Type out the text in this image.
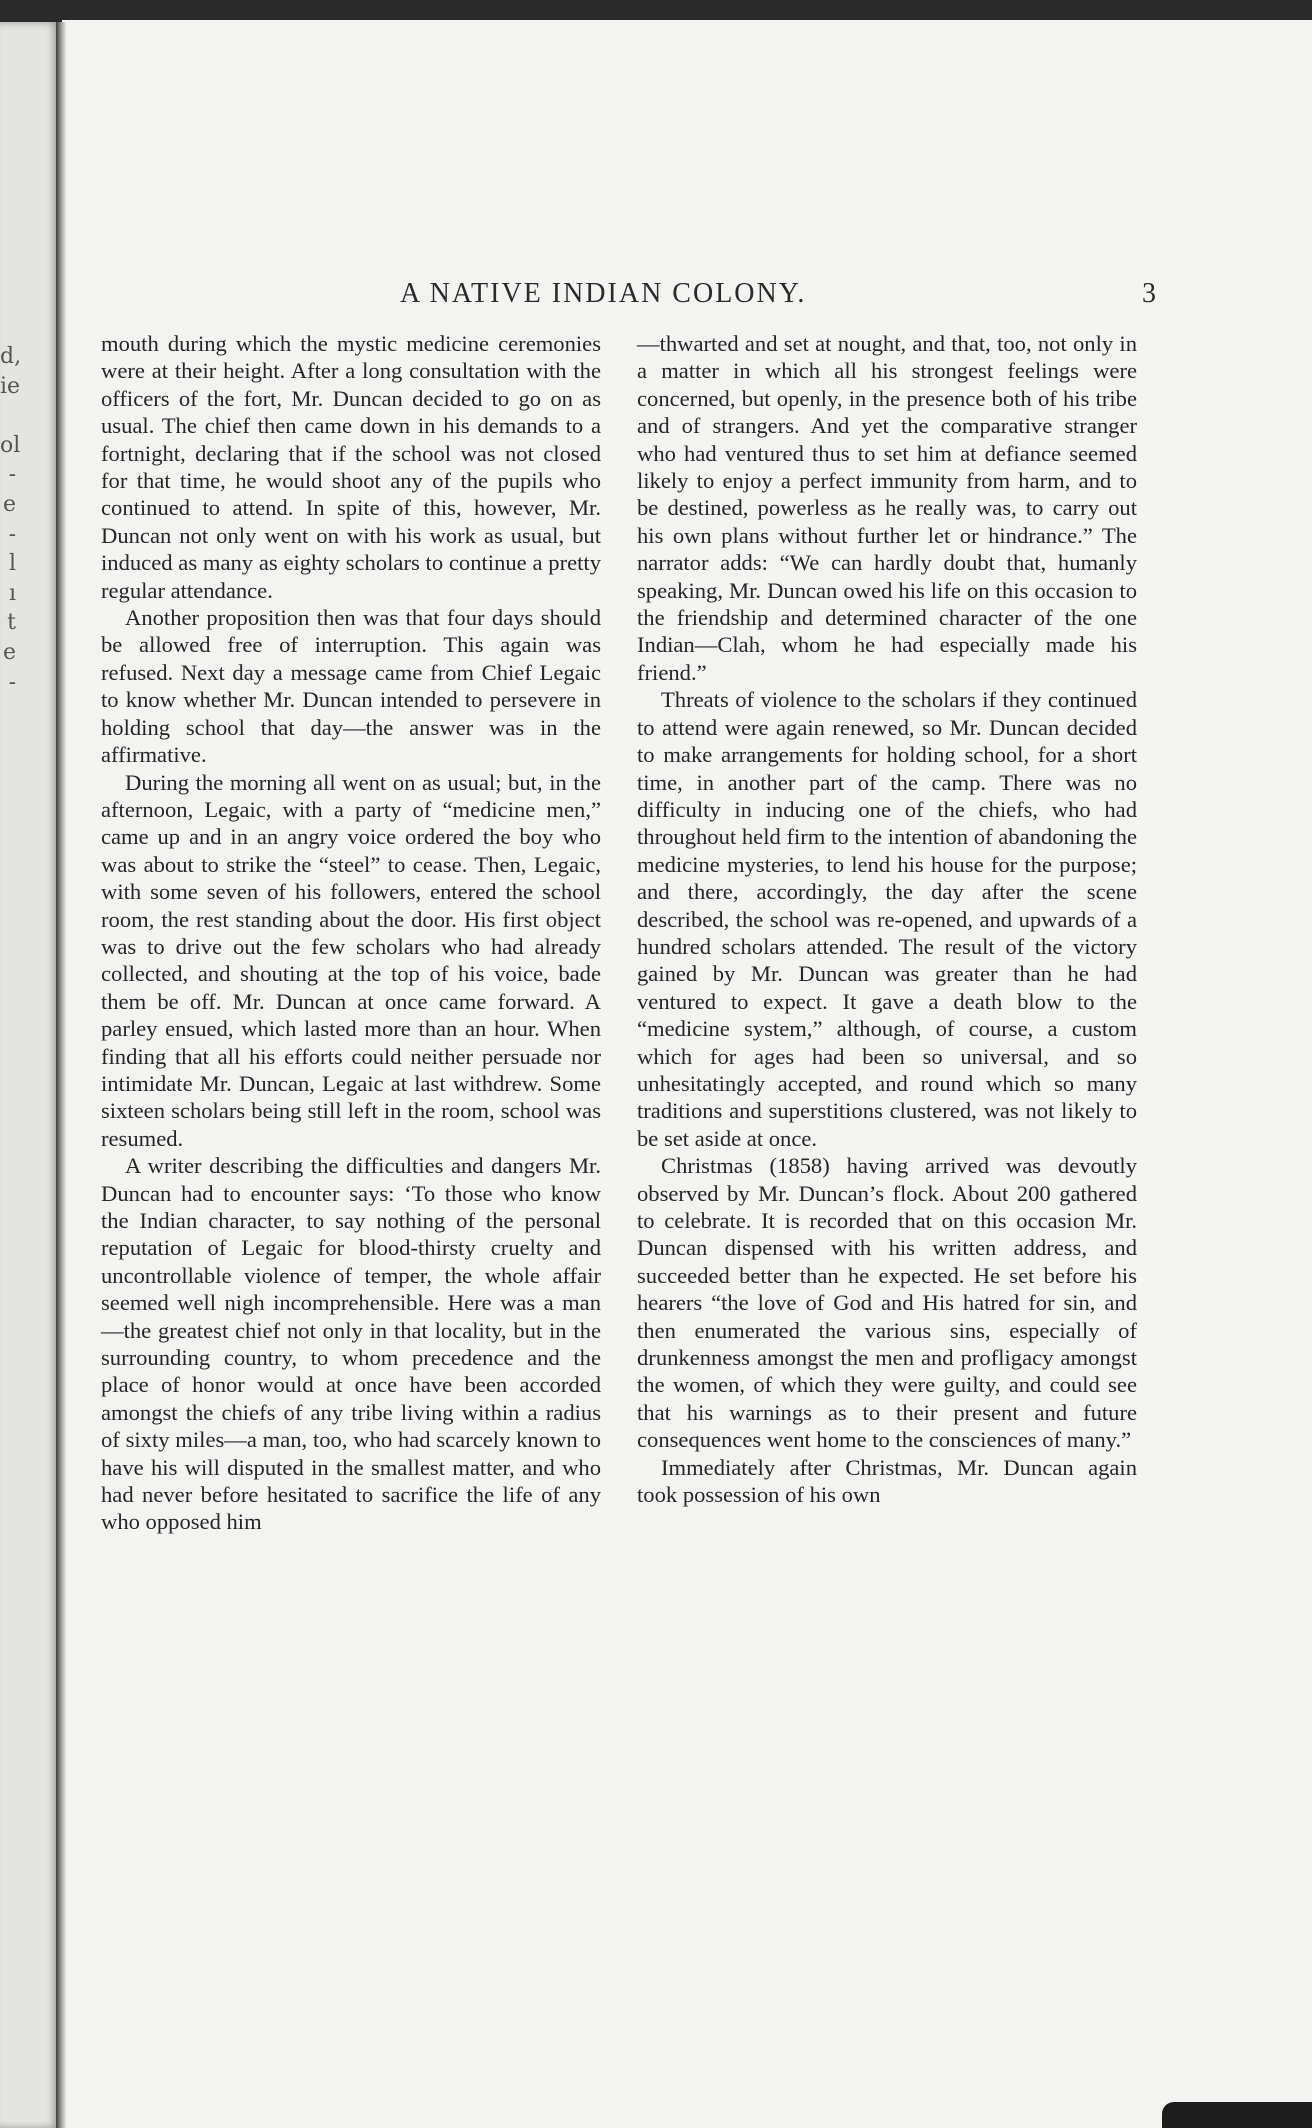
d,
ie
ol
-
e
-
l
ı
t
e
-
A NATIVE INDIAN COLONY.	3

mouth during which the mystic medicine ceremonies were at their height. After a long consultation with the officers of the fort, Mr. Duncan decided to go on as usual. The chief then came down in his demands to a fortnight, declaring that if the school was not closed for that time, he would shoot any of the pupils who continued to attend. In spite of this, however, Mr. Duncan not only went on with his work as usual, but induced as many as eighty scholars to continue a pretty regular attendance.

Another proposition then was that four days should be allowed free of interruption. This again was refused. Next day a message came from Chief Legaic to know whether Mr. Duncan intended to persevere in holding school that day—the answer was in the affirmative.

During the morning all went on as usual; but, in the afternoon, Legaic, with a party of “medicine men,” came up and in an angry voice ordered the boy who was about to strike the “steel” to cease. Then, Legaic, with some seven of his followers, entered the school room, the rest standing about the door. His first object was to drive out the few scholars who had already collected, and shouting at the top of his voice, bade them be off. Mr. Duncan at once came forward. A parley ensued, which lasted more than an hour. When finding that all his efforts could neither persuade nor intimidate Mr. Duncan, Legaic at last withdrew. Some sixteen scholars being still left in the room, school was resumed.

A writer describing the difficulties and dangers Mr. Duncan had to encounter says: ‘To those who know the Indian character, to say nothing of the personal reputation of Legaic for blood-thirsty cruelty and uncontrollable violence of temper, the whole affair seemed well nigh incomprehensible. Here was a man—the greatest chief not only in that locality, but in the surrounding country, to whom precedence and the place of honor would at once have been accorded amongst the chiefs of any tribe living within a radius of sixty miles—a man, too, who had scarcely known to have his will disputed in the smallest matter, and who had never before hesitated to sacrifice the life of any who opposed him

—thwarted and set at nought, and that, too, not only in a matter in which all his strongest feelings were concerned, but openly, in the presence both of his tribe and of strangers. And yet the comparative stranger who had ventured thus to set him at defiance seemed likely to enjoy a perfect immunity from harm, and to be destined, powerless as he really was, to carry out his own plans without further let or hindrance.” The narrator adds: “We can hardly doubt that, humanly speaking, Mr. Duncan owed his life on this occasion to the friendship and determined character of the one Indian—Clah, whom he had especially made his friend.”

Threats of violence to the scholars if they continued to attend were again renewed, so Mr. Duncan decided to make arrangements for holding school, for a short time, in another part of the camp. There was no difficulty in inducing one of the chiefs, who had throughout held firm to the intention of abandoning the medicine mysteries, to lend his house for the purpose; and there, accordingly, the day after the scene described, the school was re-opened, and upwards of a hundred scholars attended. The result of the victory gained by Mr. Duncan was greater than he had ventured to expect. It gave a death blow to the “medicine system,” although, of course, a custom which for ages had been so universal, and so unhesitatingly accepted, and round which so many traditions and superstitions clustered, was not likely to be set aside at once.

Christmas (1858) having arrived was devoutly observed by Mr. Duncan’s flock. About 200 gathered to celebrate. It is recorded that on this occasion Mr. Duncan dispensed with his written address, and succeeded better than he expected. He set before his hearers “the love of God and His hatred for sin, and then enumerated the various sins, especially of drunkenness amongst the men and profligacy amongst the women, of which they were guilty, and could see that his warnings as to their present and future consequences went home to the consciences of many.”

Immediately after Christmas, Mr. Duncan again took possession of his own
